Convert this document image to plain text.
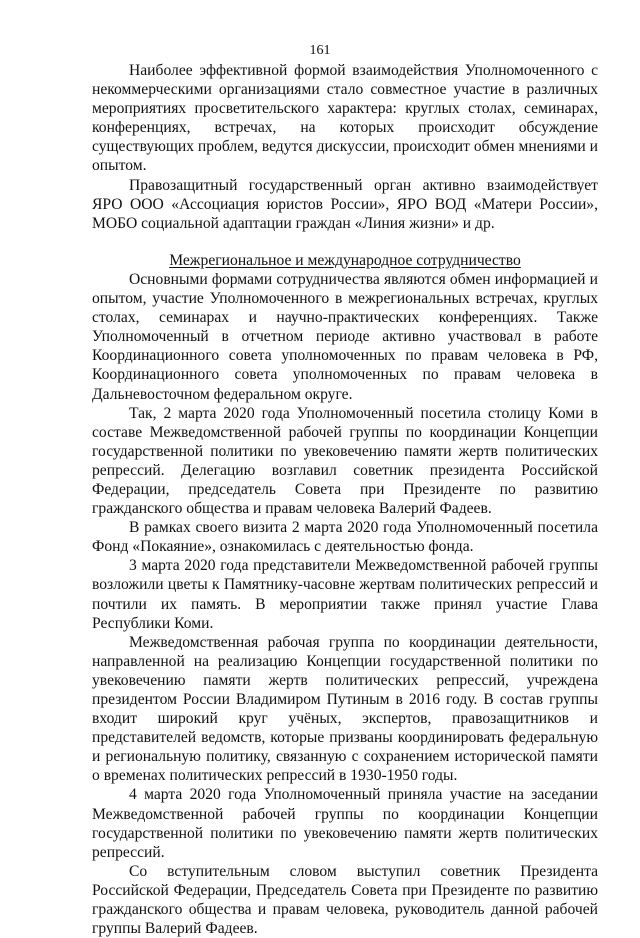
161

Наиболее эффективной формой взаимодействия Уполномоченного с некоммерческими организациями стало совместное участие в различных мероприятиях просветительского характера: круглых столах, семинарах, конференциях, встречах, на которых происходит обсуждение существующих проблем, ведутся дискуссии, происходит обмен мнениями и опытом.

Правозащитный государственный орган активно взаимодействует ЯРО ООО «Ассоциация юристов России», ЯРО ВОД «Матери России», МОБО социальной адаптации граждан «Линия жизни» и др.

Межрегиональное и международное сотрудничество

Основными формами сотрудничества являются обмен информацией и опытом, участие Уполномоченного в межрегиональных встречах, круглых столах, семинарах и научно-практических конференциях. Также Уполномоченный в отчетном периоде активно участвовал в работе Координационного совета уполномоченных по правам человека в РФ, Координационного совета уполномоченных по правам человека в Дальневосточном федеральном округе.

Так, 2 марта 2020 года Уполномоченный посетила столицу Коми в составе Межведомственной рабочей группы по координации Концепции государственной политики по увековечению памяти жертв политических репрессий. Делегацию возглавил советник президента Российской Федерации, председатель Совета при Президенте по развитию гражданского общества и правам человека Валерий Фадеев.

В рамках своего визита 2 марта 2020 года Уполномоченный посетила Фонд «Покаяние», ознакомилась с деятельностью фонда.

3 марта 2020 года представители Межведомственной рабочей группы возложили цветы к Памятнику-часовне жертвам политических репрессий и почтили их память. В мероприятии также принял участие Глава Республики Коми.

Межведомственная рабочая группа по координации деятельности, направленной на реализацию Концепции государственной политики по увековечению памяти жертв политических репрессий, учреждена президентом России Владимиром Путиным в 2016 году. В состав группы входит широкий круг учёных, экспертов, правозащитников и представителей ведомств, которые призваны координировать федеральную и региональную политику, связанную с сохранением исторической памяти о временах политических репрессий в 1930-1950 годы.

4 марта 2020 года Уполномоченный приняла участие на заседании Межведомственной рабочей группы по координации Концепции государственной политики по увековечению памяти жертв политических репрессий.

Со вступительным словом выступил советник Президента Российской Федерации, Председатель Совета при Президенте по развитию гражданского общества и правам человека, руководитель данной рабочей группы Валерий Фадеев.
